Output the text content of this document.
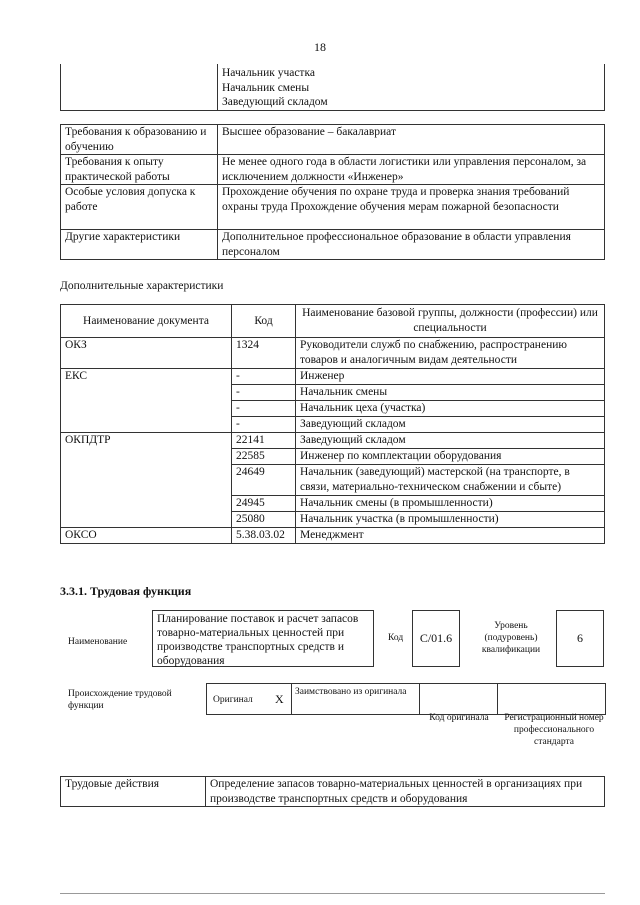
18

Начальник участка
Начальник смены
Заведующий складом
Требования к образованию и обучению	Высшее образование – бакалавриат
Требования к опыту практической работы	Не менее одного года в области логистики или управления персоналом, за исключением должности «Инженер»
Особые условия допуска к работе	Прохождение обучения по охране труда и проверка знания требований охраны труда Прохождение обучения мерам пожарной безопасности
Другие характеристики	Дополнительное профессиональное образование в области управления персоналом
Дополнительные характеристики
Наименование документа	Код	Наименование базовой группы, должности (профессии) или специальности
ОКЗ	1324	Руководители служб по снабжению, распространению товаров и аналогичным видам деятельности
ЕКС	-	Инженер
	-	Начальник смены
	-	Начальник цеха (участка)
	-	Заведующий складом
ОКПДТР	22141	Заведующий складом
	22585	Инженер по комплектации оборудования
	24649	Начальник (заведующий) мастерской (на транспорте, в связи, материально-техническом снабжении и сбыте)
	24945	Начальник смены (в промышленности)
	25080	Начальник участка (в промышленности)
ОКСО	5.38.03.02	Менеджмент
3.3.1. Трудовая функция
Наименование
Планирование поставок и расчет запасов товарно-материальных ценностей при производстве транспортных средств и оборудования
Код	C/01.6
Уровень (подуровень) квалификации
6
Происхождение трудовой функции
Оригинал X Заимствовано из оригинала
Код оригинала	Регистрационный номер профессионального стандарта
Трудовые действия	Определение запасов товарно-материальных ценностей в организациях при производстве транспортных средств и оборудования
